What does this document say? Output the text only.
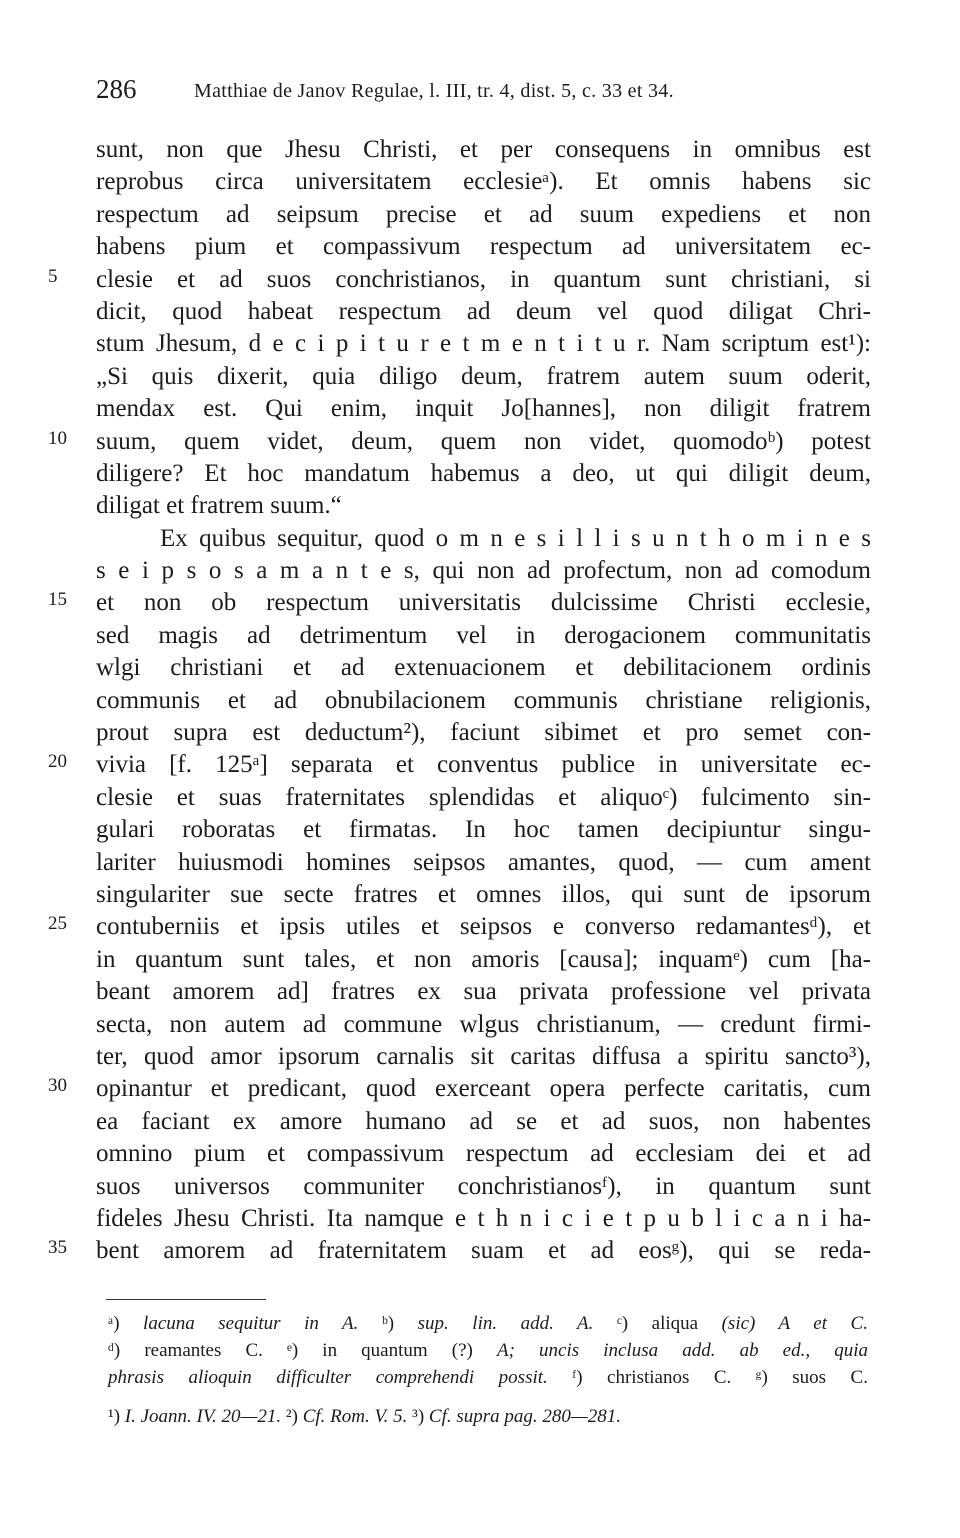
286	Matthiae de Janov Regulae, l. III, tr. 4, dist. 5, c. 33 et 34.
sunt, non que Jhesu Christi, et per consequens in omnibus est
reprobus circa universitatem ecclesieᵃ). Et omnis habens sic
respectum ad seipsum precise et ad suum expediens et non
habens pium et compassivum respectum ad universitatem ec-
5 clesie et ad suos conchristianos, in quantum sunt christiani, si
dicit, quod habeat respectum ad deum vel quod diligat Chri-
stum Jhesum, d e c i p i t u r e t m e n t i t u r. Nam scriptum est¹):
„Si quis dixerit, quia diligo deum, fratrem autem suum oderit,
mendax est. Qui enim, inquit Jo[hannes], non diligit fratrem
10 suum, quem videt, deum, quem non videt, quomodoᵇ) potest
diligere? Et hoc mandatum habemus a deo, ut qui diligit deum,
diligat et fratrem suum.“
Ex quibus sequitur, quod o m n e s i l l i s u n t h o m i n e s
s e i p s o s a m a n t e s, qui non ad profectum, non ad comodum
15 et non ob respectum universitatis dulcissime Christi ecclesie,
sed magis ad detrimentum vel in derogacionem communitatis
wlgi christiani et ad extenuacionem et debilitacionem ordinis
communis et ad obnubilacionem communis christiane religionis,
prout supra est deductum²), faciunt sibimet et pro semet con-
20 vivia [f. 125ᵃ] separata et conventus publice in universitate ec-
clesie et suas fraternitates splendidas et aliquoᶜ) fulcimento sin-
gulari roboratas et firmatas. In hoc tamen decipiuntur singu-
lariter huiusmodi homines seipsos amantes, quod, — cum ament
singulariter sue secte fratres et omnes illos, qui sunt de ipsorum
25 contuberniis et ipsis utiles et seipsos e converso redamantesᵈ), et
in quantum sunt tales, et non amoris [causa]; inquamᵉ) cum [ha-
beant amorem ad] fratres ex sua privata professione vel privata
secta, non autem ad commune wlgus christianum, — credunt firmi-
ter, quod amor ipsorum carnalis sit caritas diffusa a spiritu sancto³),
30 opinantur et predicant, quod exerceant opera perfecte caritatis, cum
ea faciant ex amore humano ad se et ad suos, non habentes
omnino pium et compassivum respectum ad ecclesiam dei et ad
suos universos communiter conchristianosᶠ), in quantum sunt
fideles Jhesu Christi. Ita namque e t h n i c i e t p u b l i c a n i ha-
35 bent amorem ad fraternitatem suam et ad eosᵍ), qui se reda-
ᵃ) lacuna sequitur in A. ᵇ) sup. lin. add. A. ᶜ) aliqua (sic) A et C.
ᵈ) reamantes C. ᵉ) in quantum (?) A; uncis inclusa add. ab ed., quia
phrasis alioquin difficulter comprehendi possit. ᶠ) christianos C. ᵍ) suos C.
¹) I. Joann. IV. 20—21. ²) Cf. Rom. V. 5. ³) Cf. supra pag. 280—281.
